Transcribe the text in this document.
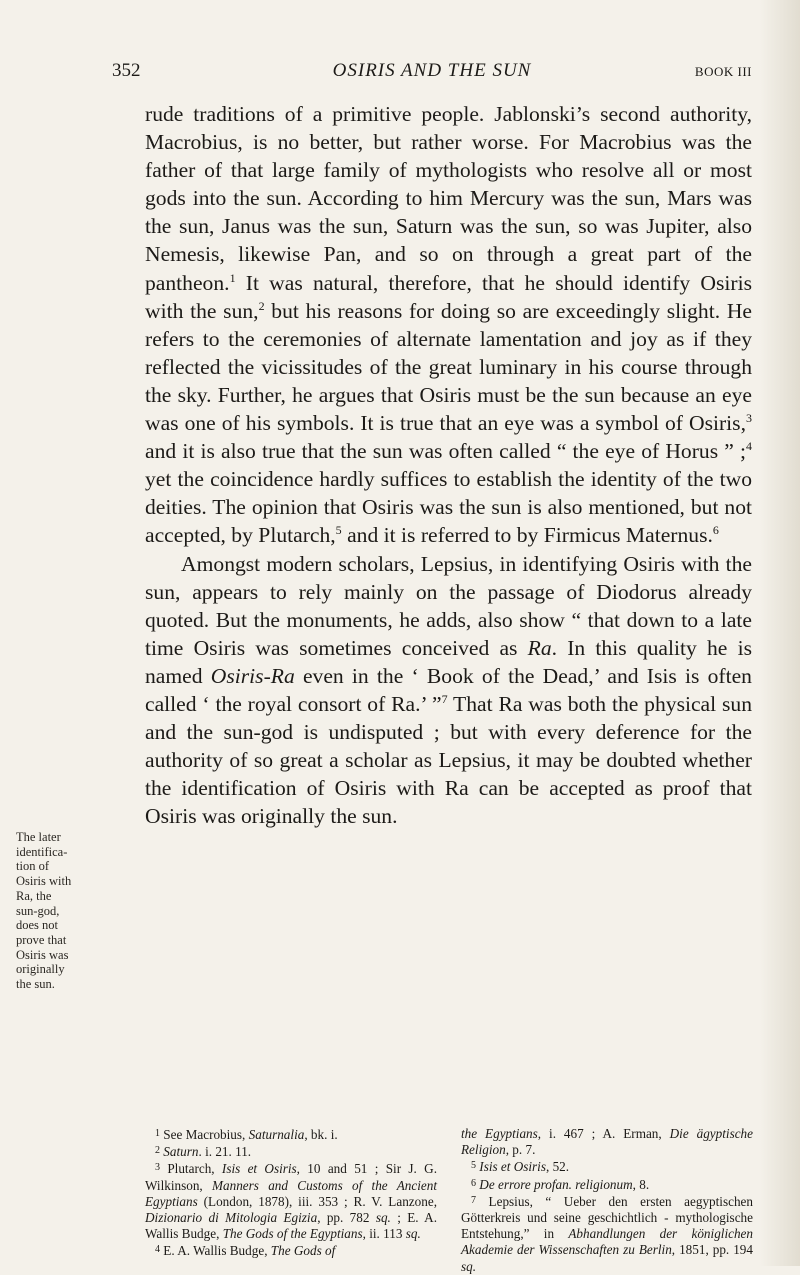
352	OSIRIS AND THE SUN	BOOK III

rude traditions of a primitive people. Jablonski’s second authority, Macrobius, is no better, but rather worse. For Macrobius was the father of that large family of mythologists who resolve all or most gods into the sun. According to him Mercury was the sun, Mars was the sun, Janus was the sun, Saturn was the sun, so was Jupiter, also Nemesis, likewise Pan, and so on through a great part of the pantheon.$^1$ It was natural, therefore, that he should identify Osiris with the sun,$^2$ but his reasons for doing so are exceedingly slight. He refers to the ceremonies of alternate lamentation and joy as if they reflected the vicissitudes of the great luminary in his course through the sky. Further, he argues that Osiris must be the sun because an eye was one of his symbols. It is true that an eye was a symbol of Osiris,$^3$ and it is also true that the sun was often called “ the eye of Horus ” ;$^4$ yet the coincidence hardly suffices to establish the identity of the two deities. The opinion that Osiris was the sun is also mentioned, but not accepted, by Plutarch,$^5$ and it is referred to by Firmicus Maternus.$^6$

Amongst modern scholars, Lepsius, in identifying Osiris with the sun, appears to rely mainly on the passage of Diodorus already quoted. But the monuments, he adds, also show “ that down to a late time Osiris was sometimes conceived as Ra. In this quality he is named Osiris-Ra even in the ‘ Book of the Dead,’ and Isis is often called ‘ the royal consort of Ra.’ ”$^7$ That Ra was both the physical sun and the sun-god is undisputed ; but with every deference for the authority of so great a scholar as Lepsius, it may be doubted whether the identification of Osiris with Ra can be accepted as proof that Osiris was originally the sun.

The later
identifica-
tion of
Osiris with
Ra, the
sun-god,
does not
prove that
Osiris was
originally
the sun.
$^1$ See Macrobius, Saturnalia, bk. i.
$^2$ Saturn. i. 21. 11.
$^3$ Plutarch, Isis et Osiris, 10 and 51 ; Sir J. G. Wilkinson, Manners and Customs of the Ancient Egyptians (London, 1878), iii. 353 ; R. V. Lanzone, Dizionario di Mitologia Egizia, pp. 782 sq. ; E. A. Wallis Budge, The Gods of the Egyptians, ii. 113 sq.
$^4$ E. A. Wallis Budge, The Gods of
the Egyptians, i. 467 ; A. Erman, Die ägyptische Religion, p. 7.
$^5$ Isis et Osiris, 52.
$^6$ De errore profan. religionum, 8.
$^7$ Lepsius, “ Ueber den ersten aegyptischen Götterkreis und seine geschichtlich - mythologische Entstehung,” in Abhandlungen der königlichen Akademie der Wissenschaften zu Berlin, 1851, pp. 194 sq.
